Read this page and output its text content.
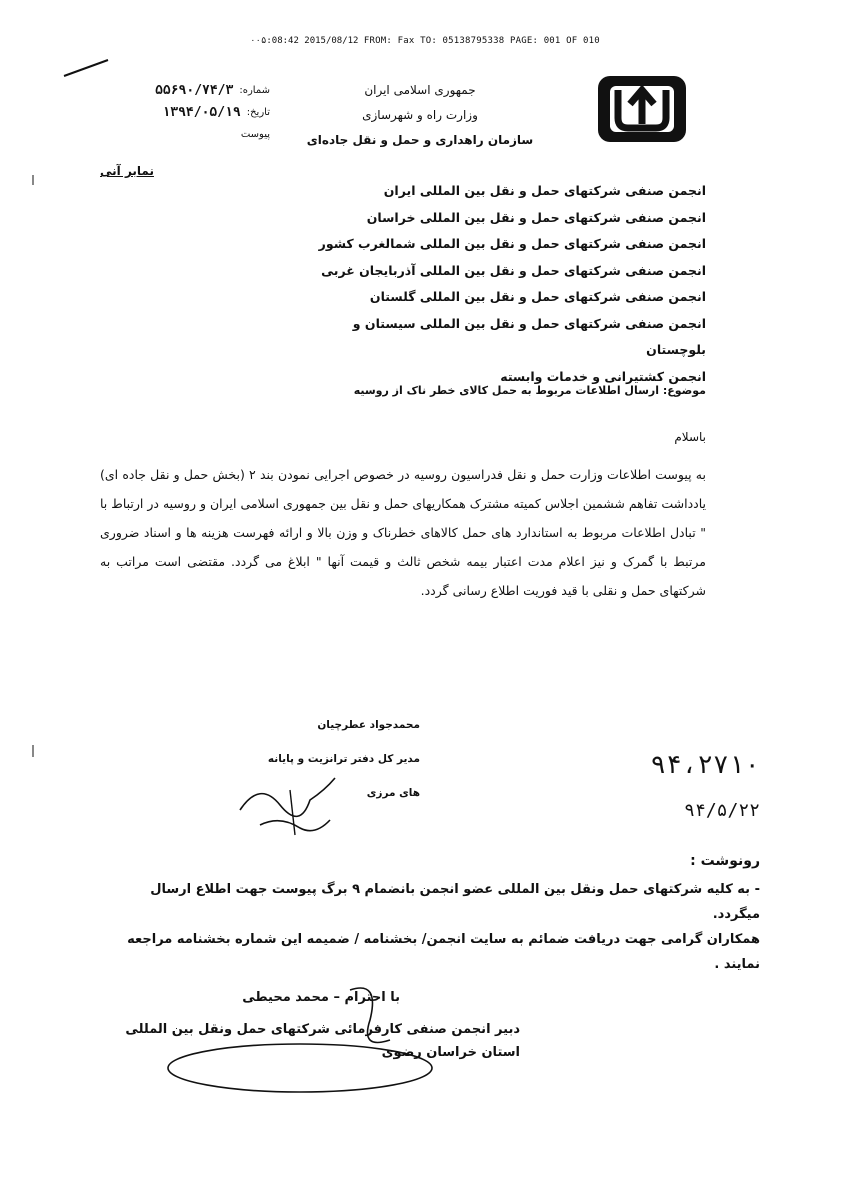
۰۰۵:08:42 2015/08/12 FROM: Fax TO: 05138795338 PAGE: 001 OF 010
جمهوری اسلامی ایران
وزارت راه و شهرسازی
سازمان راهداری و حمل و نقل جاده‌ای
شماره:
۵۵۶۹۰/۷۴/۳
تاریخ:
۱۳۹۴/۰۵/۱۹
پیوست
نمابر آنی
انجمن صنفی شرکتهای حمل و نقل بین المللی ایران
انجمن صنفی شرکتهای حمل و نقل بین المللی خراسان
انجمن صنفی شرکتهای حمل و نقل بین المللی شمالغرب کشور
انجمن صنفی شرکتهای حمل و نقل بین المللی آذربایجان غربی
انجمن صنفی شرکتهای حمل و نقل بین المللی گلستان
انجمن صنفی شرکتهای حمل و نقل بین المللی سیستان و بلوچستان
انجمن کشتیرانی و خدمات وابسته
موضوع: ارسال اطلاعات مربوط به حمل کالای خطر ناک از روسیه
باسلام
به پیوست اطلاعات وزارت حمل و نقل فدراسیون روسیه در خصوص اجرایی نمودن بند ۲ (بخش حمل و نقل جاده ای) یادداشت تفاهم ششمین اجلاس کمیته مشترک همکاریهای حمل و نقل بین جمهوری اسلامی ایران و روسیه در ارتباط با " تبادل اطلاعات مربوط به استاندارد های حمل کالاهای خطرناک و وزن بالا و ارائه فهرست هزینه ها و اسناد ضروری مرتبط با گمرک و نیز اعلام مدت اعتبار بیمه شخص ثالث و قیمت آنها " ابلاغ می گردد. مقتضی است مراتب به شرکتهای حمل و نقلی با قید فوریت اطلاع رسانی گردد.
محمدجواد عطرچیان
مدیر کل دفتر ترانزیت و پایانه های مرزی
۹۴،۲۷۱۰
۹۴/۵/۲۲
رونوشت :
- به کلیه شرکتهای حمل ونقل بین المللی عضو انجمن بانضمام ۹ برگ پیوست جهت اطلاع ارسال میگردد.
همکاران گرامی جهت دریافت ضمائم به سایت انجمن/ بخشنامه / ضمیمه این شماره بخشنامه مراجعه نمایند .
با احترام – محمد محیطی
دبیر انجمن صنفی کارفرمائی شرکتهای حمل ونقل بین المللی
استان خراسان رضوی
